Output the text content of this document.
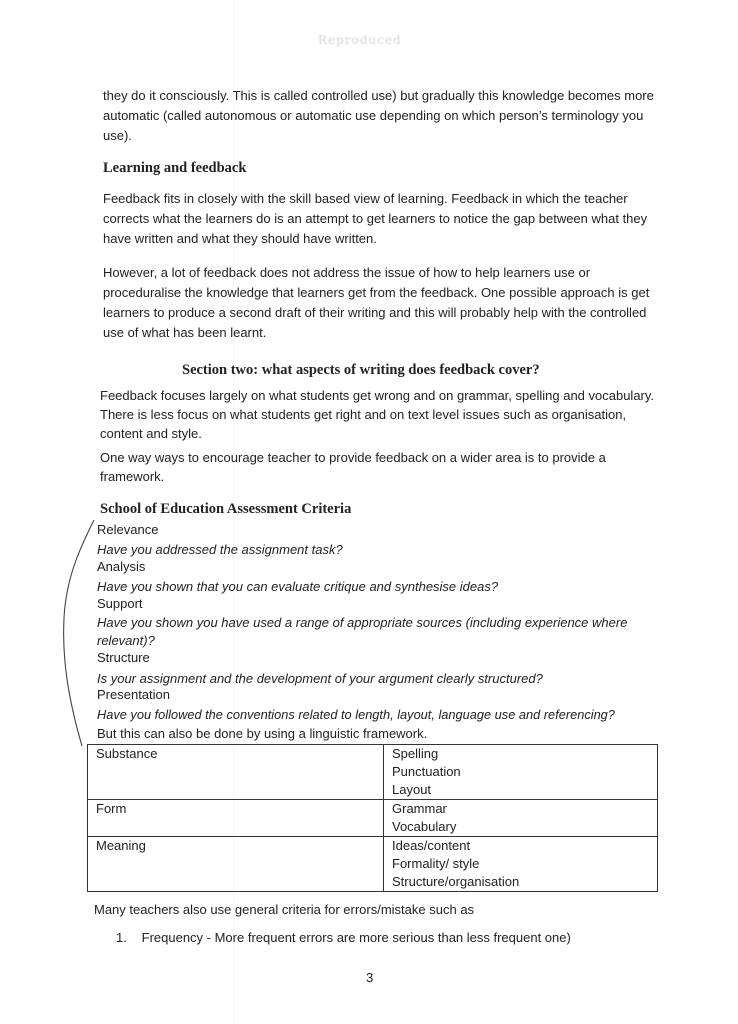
Reproduced

they do it consciously. This is called controlled use) but gradually this knowledge becomes more automatic (called autonomous or automatic use depending on which person’s terminology you use).

Learning and feedback

Feedback fits in closely with the skill based view of learning. Feedback in which the teacher corrects what the learners do is an attempt to get learners to notice the gap between what they have written and what they should have written.

However, a lot of feedback does not address the issue of how to help learners use or proceduralise the knowledge that learners get from the feedback. One possible approach is get learners to produce a second draft of their writing and this will probably help with the controlled use of what has been learnt.

Section two: what aspects of writing does feedback cover?

Feedback focuses largely on what students get wrong and on grammar, spelling and vocabulary. There is less focus on what students get right and on text level issues such as organisation, content and style.

One way ways to encourage teacher to provide feedback on a wider area is to provide a framework.

School of Education Assessment Criteria

Relevance

Have you addressed the assignment task?

Analysis

Have you shown that you can evaluate critique and synthesise ideas?

Support

Have you shown you have used a range of appropriate sources (including experience where relevant)?

Structure

Is your assignment and the development of your argument clearly structured?

Presentation

Have you followed the conventions related to length, layout, language use and referencing?

But this can also be done by using a linguistic framework.

Substance	Spelling
Punctuation
Layout

Form	Grammar
Vocabulary

Meaning	Ideas/content
Formality/ style
Structure/organisation

Many teachers also use general criteria for errors/mistake such as

1. Frequency - More frequent errors are more serious than less frequent one)
3
